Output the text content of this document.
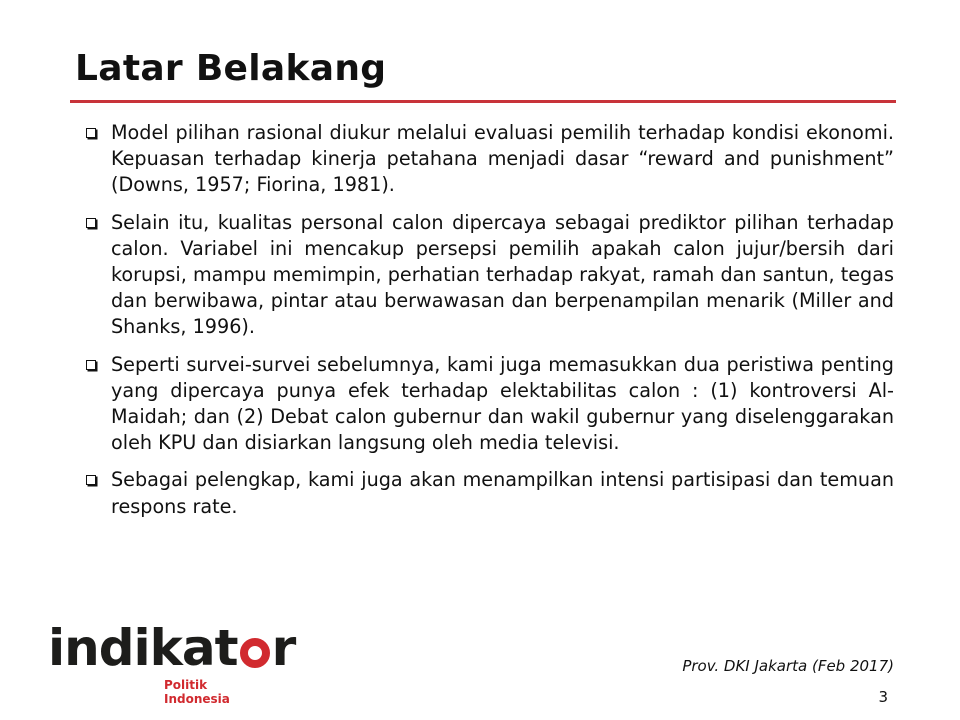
Latar Belakang
Model pilihan rasional diukur melalui evaluasi pemilih terhadap kondisi ekonomi. Kepuasan terhadap kinerja petahana menjadi dasar “reward and punishment” (Downs, 1957; Fiorina, 1981).
Selain itu, kualitas personal calon dipercaya sebagai prediktor pilihan terhadap calon. Variabel ini mencakup persepsi pemilih apakah calon jujur/bersih dari korupsi, mampu memimpin, perhatian terhadap rakyat, ramah dan santun, tegas dan berwibawa, pintar atau berwawasan dan berpenampilan menarik (Miller and Shanks, 1996).
Seperti survei-survei sebelumnya, kami juga memasukkan dua peristiwa penting yang dipercaya punya efek terhadap elektabilitas calon : (1) kontroversi Al-Maidah; dan (2) Debat calon gubernur dan wakil gubernur yang diselenggarakan oleh KPU dan disiarkan langsung oleh media televisi.
Sebagai pelengkap, kami juga akan menampilkan intensi partisipasi dan temuan respons rate.
indikat r
Politik Indonesia
Prov. DKI Jakarta (Feb 2017)
3
